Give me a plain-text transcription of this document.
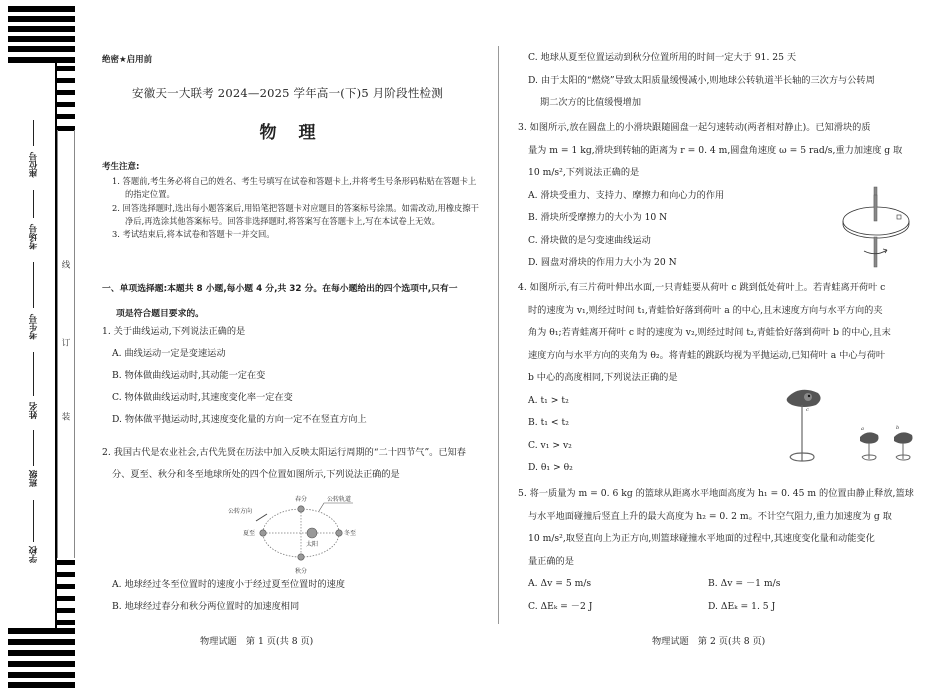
座位号
考场号
考生号
姓名
班级
学校
线
订
装
绝密★启用前
安徽天一大联考 2024—2025 学年高一(下)5 月阶段性检测
物理
考生注意:

1. 答题前,考生务必将自己的姓名、考生号填写在试卷和答题卡上,并将考生号条形码粘贴在答题卡上的指定位置。

2. 回答选择题时,选出每小题答案后,用铅笔把答题卡对应题目的答案标号涂黑。如需改动,用橡皮擦干净后,再选涂其他答案标号。回答非选择题时,将答案写在答题卡上,写在本试卷上无效。

3. 考试结束后,将本试卷和答题卡一并交回。

一、单项选择题:本题共 8 小题,每小题 4 分,共 32 分。在每小题给出的四个选项中,只有一
项是符合题目要求的。
1. 关于曲线运动,下列说法正确的是
A. 曲线运动一定是变速运动
B. 物体做曲线运动时,其动能一定在变
C. 物体做曲线运动时,其速度变化率一定在变
D. 物体做平抛运动时,其速度变化量的方向一定不在竖直方向上
2. 我国古代是农业社会,古代先贤在历法中加入反映太阳运行周期的“二十四节气”。已知春
分、夏至、秋分和冬至地球所处的四个位置如图所示,下列说法正确的是
春分
秋分
夏至	冬至
太阳
公转轨道
公转方向
A. 地球经过冬至位置时的速度小于经过夏至位置时的速度
B. 地球经过春分和秋分两位置时的加速度相同
物理试题　第 1 页(共 8 页)
C. 地球从夏至位置运动到秋分位置所用的时间一定大于 91. 25 天
D. 由于太阳的“燃烧”导致太阳质量缓慢减小,则地球公转轨道半长轴的三次方与公转周
期二次方的比值缓慢增加
3. 如图所示,放在圆盘上的小滑块跟随圆盘一起匀速转动(两者相对静止)。已知滑块的质
量为 m = 1 kg,滑块到转轴的距离为 r = 0. 4 m,圆盘角速度 ω = 5 rad/s,重力加速度 g 取
10 m/s²,下列说法正确的是
A. 滑块受重力、支持力、摩擦力和向心力的作用
B. 滑块所受摩擦力的大小为 10 N
C. 滑块做的是匀变速曲线运动
D. 圆盘对滑块的作用力大小为 20 N
4. 如图所示,有三片荷叶伸出水面,一只青蛙要从荷叶 c 跳到低处荷叶上。若青蛙离开荷叶 c
时的速度为 v₁,则经过时间 t₁,青蛙恰好落到荷叶 a 的中心,且末速度方向与水平方向的夹
角为 θ₁;若青蛙离开荷叶 c 时的速度为 v₂,则经过时间 t₂,青蛙恰好落到荷叶 b 的中心,且末
速度方向与水平方向的夹角为 θ₂。将青蛙的跳跃均视为平抛运动,已知荷叶 a 中心与荷叶
b 中心的高度相同,下列说法正确的是
A. t₁ > t₂
B. t₁ < t₂
C. v₁ > v₂
D. θ₁ > θ₂
c
a	b
5. 将一质量为 m = 0. 6 kg 的篮球从距离水平地面高度为 h₁ = 0. 45 m 的位置由静止释放,篮球
与水平地面碰撞后竖直上升的最大高度为 h₂ = 0. 2 m。不计空气阻力,重力加速度为 g 取
10 m/s²,取竖直向上为正方向,则篮球碰撞水平地面的过程中,其速度变化量和动能变化
量正确的是
A. Δv = 5 m/s	B. Δv = －1 m/s
C. ΔEₖ = －2 J	D. ΔEₖ = 1. 5 J
物理试题　第 2 页(共 8 页)
